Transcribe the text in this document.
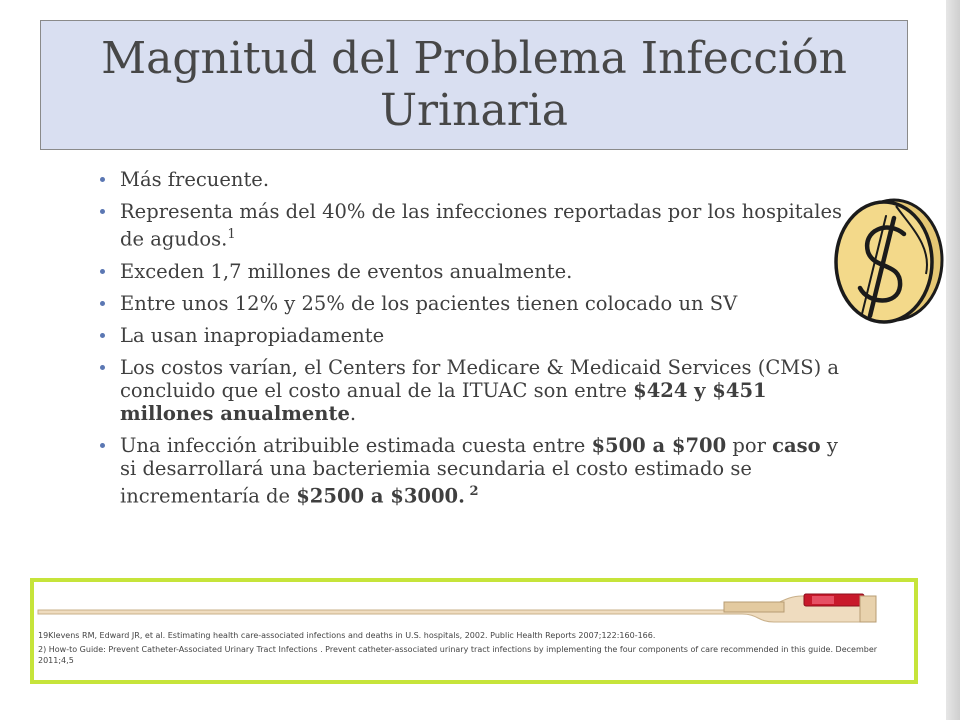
Magnitud del Problema Infección Urinaria
Más frecuente.
Representa más del 40% de las infecciones reportadas por los hospitales de agudos.$^1$
Exceden 1,7 millones de eventos anualmente.
Entre unos 12% y 25% de los pacientes tienen colocado un SV
La usan inapropiadamente
Los costos varían, el Centers for Medicare & Medicaid Services (CMS) a concluido que el costo anual de la ITUAC son entre $424 y $451 millones anualmente.
Una infección atribuible estimada cuesta entre $500 a $700 por caso y si desarrollará una bacteriemia secundaria el costo estimado se incrementaría de $2500 a $3000. $^2$

19Klevens RM, Edward JR, et al. Estimating health care-associated infections and deaths in U.S. hospitals, 2002. Public Health Reports 2007;122:160-166.

2) How-to Guide: Prevent Catheter-Associated Urinary Tract Infections . Prevent catheter-associated urinary tract infections by implementing the four components of care recommended in this guide. December 2011;4,5
